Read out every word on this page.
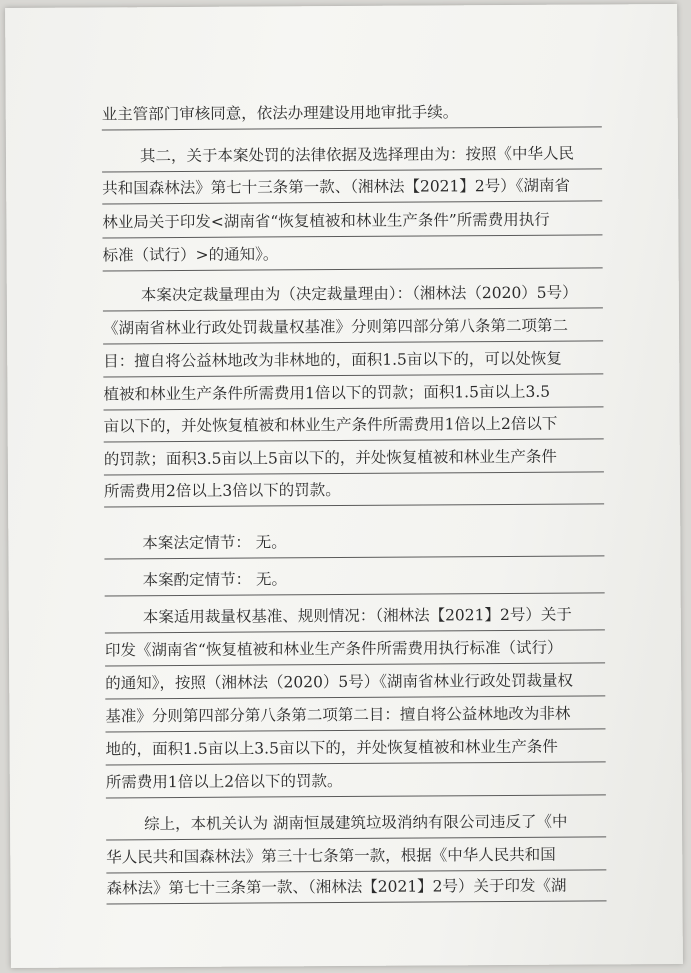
业主管部门审核同意，依法办理建设用地审批手续。
其二，关于本案处罚的法律依据及选择理由为：按照《中华人民
共和国森林法》第七十三条第一款、（湘林法【2021】2号）《湖南省
林业局关于印发<湖南省“恢复植被和林业生产条件”所需费用执行
标准（试行）>的通知》。
本案决定裁量理由为（决定裁量理由）：（湘林法（2020）5号）
《湖南省林业行政处罚裁量权基准》分则第四部分第八条第二项第二
目：擅自将公益林地改为非林地的，面积1.5亩以下的，可以处恢复
植被和林业生产条件所需费用1倍以下的罚款；面积1.5亩以上3.5
亩以下的，并处恢复植被和林业生产条件所需费用1倍以上2倍以下
的罚款；面积3.5亩以上5亩以下的，并处恢复植被和林业生产条件
所需费用2倍以上3倍以下的罚款。
本案法定情节： 无。
本案酌定情节： 无。
本案适用裁量权基准、规则情况：（湘林法【2021】2号）关于
印发《湖南省“恢复植被和林业生产条件所需费用执行标准（试行）
的通知》，按照（湘林法（2020）5号）《湖南省林业行政处罚裁量权
基准》分则第四部分第八条第二项第二目：擅自将公益林地改为非林
地的，面积1.5亩以上3.5亩以下的，并处恢复植被和林业生产条件
所需费用1倍以上2倍以下的罚款。
综上，本机关认为 湖南恒晟建筑垃圾消纳有限公司违反了《中
华人民共和国森林法》第三十七条第一款，根据《中华人民共和国
森林法》第七十三条第一款、（湘林法【2021】2号）关于印发《湖
